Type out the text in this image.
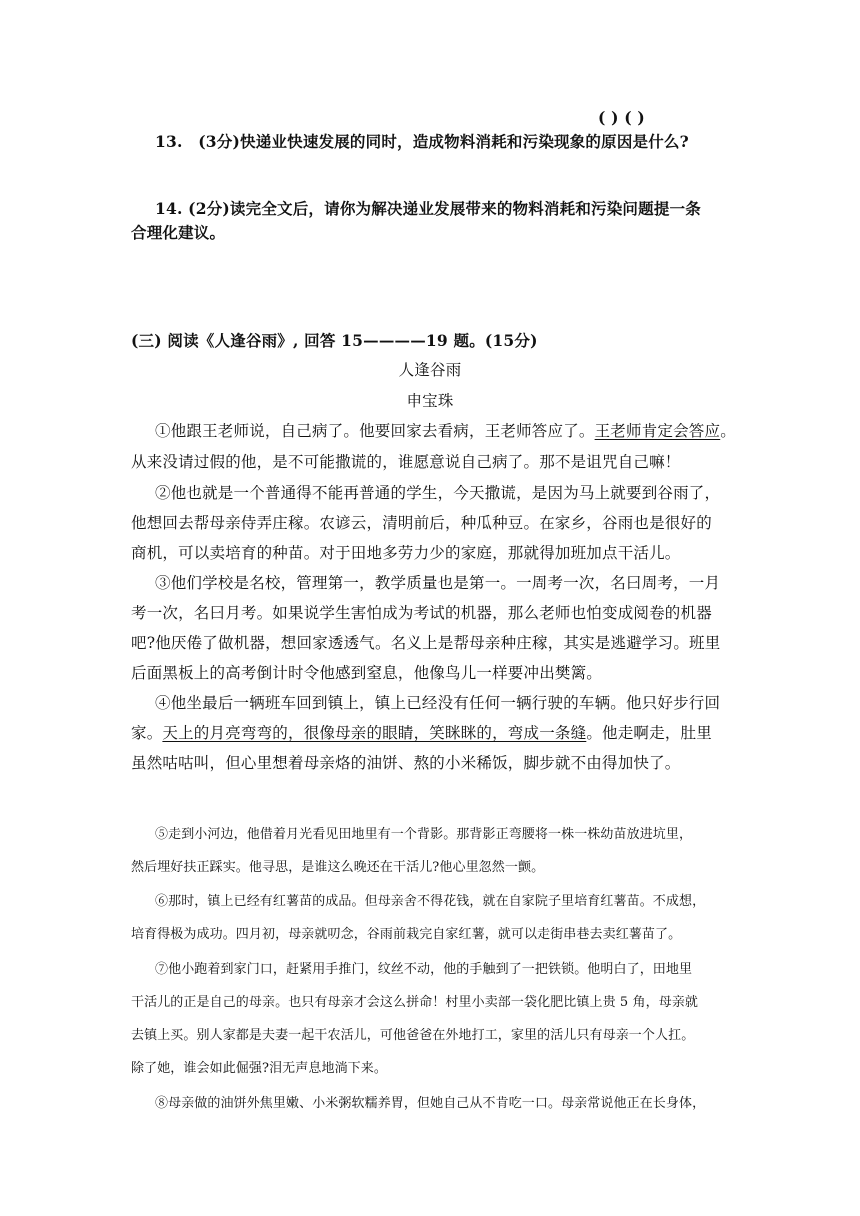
( ) ( )
13.　(3分)快递业快速发展的同时，造成物料消耗和污染现象的原因是什么?
14. (2分)读完全文后，请你为解决递业发展带来的物料消耗和污染问题提一条
合理化建议。
(三) 阅读《人逢谷雨》, 回答 15————19 题。(15分)
人逢谷雨
申宝珠
①他跟王老师说，自己病了。他要回家去看病，王老师答应了。王老师肯定会答应。
从来没请过假的他，是不可能撒谎的，谁愿意说自己病了。那不是诅咒自己嘛！
②他也就是一个普通得不能再普通的学生，今天撒谎，是因为马上就要到谷雨了，
他想回去帮母亲侍弄庄稼。农谚云，清明前后，种瓜种豆。在家乡，谷雨也是很好的
商机，可以卖培育的种苗。对于田地多劳力少的家庭，那就得加班加点干活儿。
③他们学校是名校，管理第一，教学质量也是第一。一周考一次，名曰周考，一月
考一次，名曰月考。如果说学生害怕成为考试的机器，那么老师也怕变成阅卷的机器
吧?他厌倦了做机器，想回家透透气。名义上是帮母亲种庄稼，其实是逃避学习。班里
后面黑板上的高考倒计时令他感到窒息，他像鸟儿一样要冲出樊篱。
④他坐最后一辆班车回到镇上，镇上已经没有任何一辆行驶的车辆。他只好步行回
家。天上的月亮弯弯的，很像母亲的眼睛，笑眯眯的，弯成一条缝。他走啊走，肚里
虽然咕咕叫，但心里想着母亲烙的油饼、熬的小米稀饭，脚步就不由得加快了。
⑤走到小河边，他借着月光看见田地里有一个背影。那背影正弯腰将一株一株幼苗放进坑里，
然后埋好扶正踩实。他寻思，是谁这么晚还在干活儿?他心里忽然一颤。
⑥那时，镇上已经有红薯苗的成品。但母亲舍不得花钱，就在自家院子里培育红薯苗。不成想，
培育得极为成功。四月初，母亲就叨念，谷雨前栽完自家红薯，就可以走街串巷去卖红薯苗了。
⑦他小跑着到家门口，赶紧用手推门，纹丝不动，他的手触到了一把铁锁。他明白了，田地里
干活儿的正是自己的母亲。也只有母亲才会这么拼命！村里小卖部一袋化肥比镇上贵 5 角，母亲就
去镇上买。别人家都是夫妻一起干农活儿，可他爸爸在外地打工，家里的活儿只有母亲一个人扛。
除了她，谁会如此倔强?泪无声息地淌下来。
⑧母亲做的油饼外焦里嫩、小米粥软糯养胃，但她自己从不肯吃一口。母亲常说他正在长身体，
